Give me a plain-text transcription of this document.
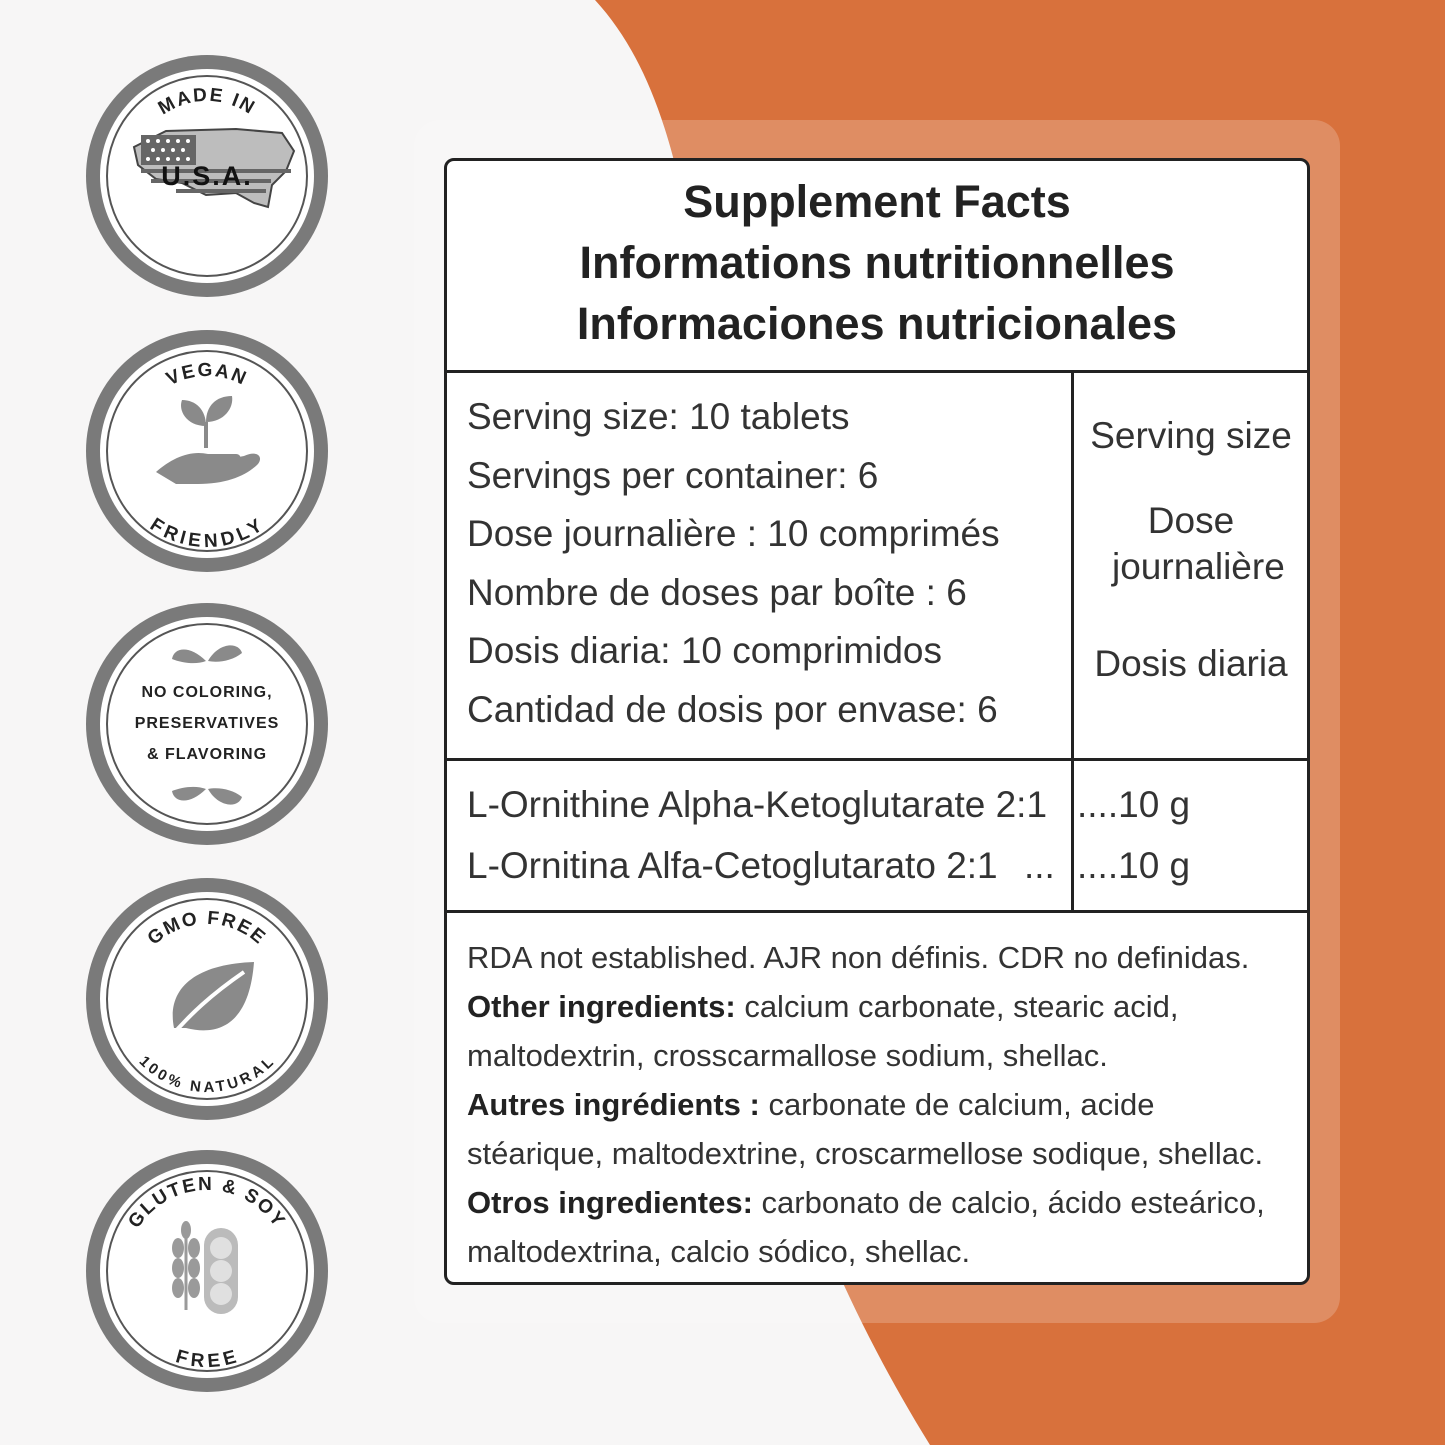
MADE IN
U.S.A.
VEGAN
FRIENDLY
NO COLORING,
PRESERVATIVES
& FLAVORING
GMO FREE
100% NATURAL
GLUTEN & SOY
FREE
Supplement Facts
Informations nutritionnelles
Informaciones nutricionales
Serving size: 10 tablets
Servings per container: 6
Dose journalière : 10 comprimés
Nombre de doses par boîte : 6
Dosis diaria: 10 comprimidos
Cantidad de dosis por envase: 6
Serving size
Dose journalière
Dosis diaria
L-Ornithine Alpha-Ketoglutarate 2:1 ....10 g
L-Ornitina Alfa-Cetoglutarato 2:1 ... ....10 g

RDA not established. AJR non définis. CDR no definidas.

Other ingredients: calcium carbonate, stearic acid, maltodextrin, crosscarmallose sodium, shellac.

Autres ingrédients : carbonate de calcium, acide stéarique, maltodextrine, croscarmellose sodique, shellac.

Otros ingredientes: carbonato de calcio, ácido esteárico, maltodextrina, calcio sódico, shellac.
